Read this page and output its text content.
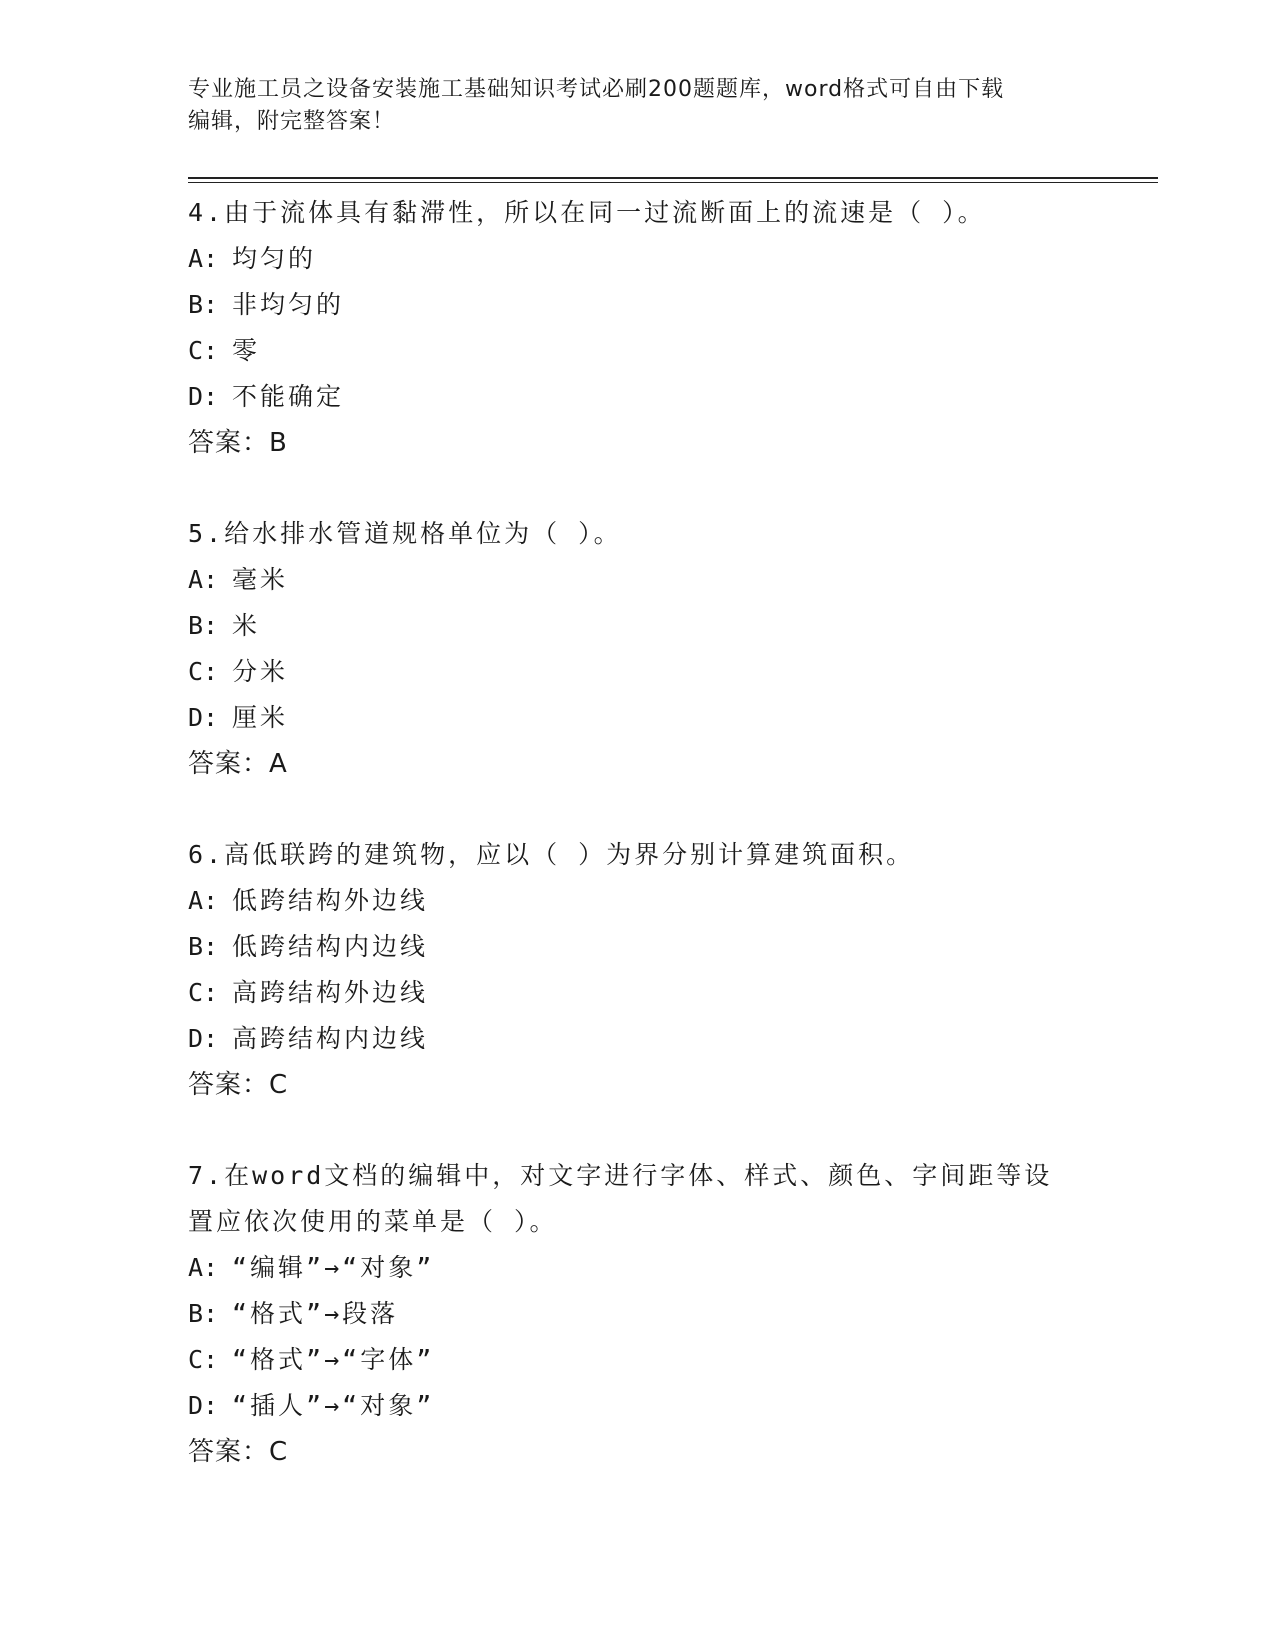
专业施工员之设备安装施工基础知识考试必刷200题题库，word格式可自由下载
编辑，附完整答案！
4.由于流体具有黏滞性，所以在同一过流断面上的流速是（ ）。
A: 均匀的
B: 非均匀的
C: 零
D: 不能确定
答案：B
5.给水排水管道规格单位为（ ）。
A: 毫米
B: 米
C: 分米
D: 厘米
答案：A
6.高低联跨的建筑物，应以（ ）为界分别计算建筑面积。
A: 低跨结构外边线
B: 低跨结构内边线
C: 高跨结构外边线
D: 高跨结构内边线
答案：C
7.在word文档的编辑中，对文字进行字体、样式、颜色、字间距等设
置应依次使用的菜单是（ ）。
A: “编辑”→“对象”
B: “格式”→段落
C: “格式”→“字体”
D: “插人”→“对象”
答案：C
